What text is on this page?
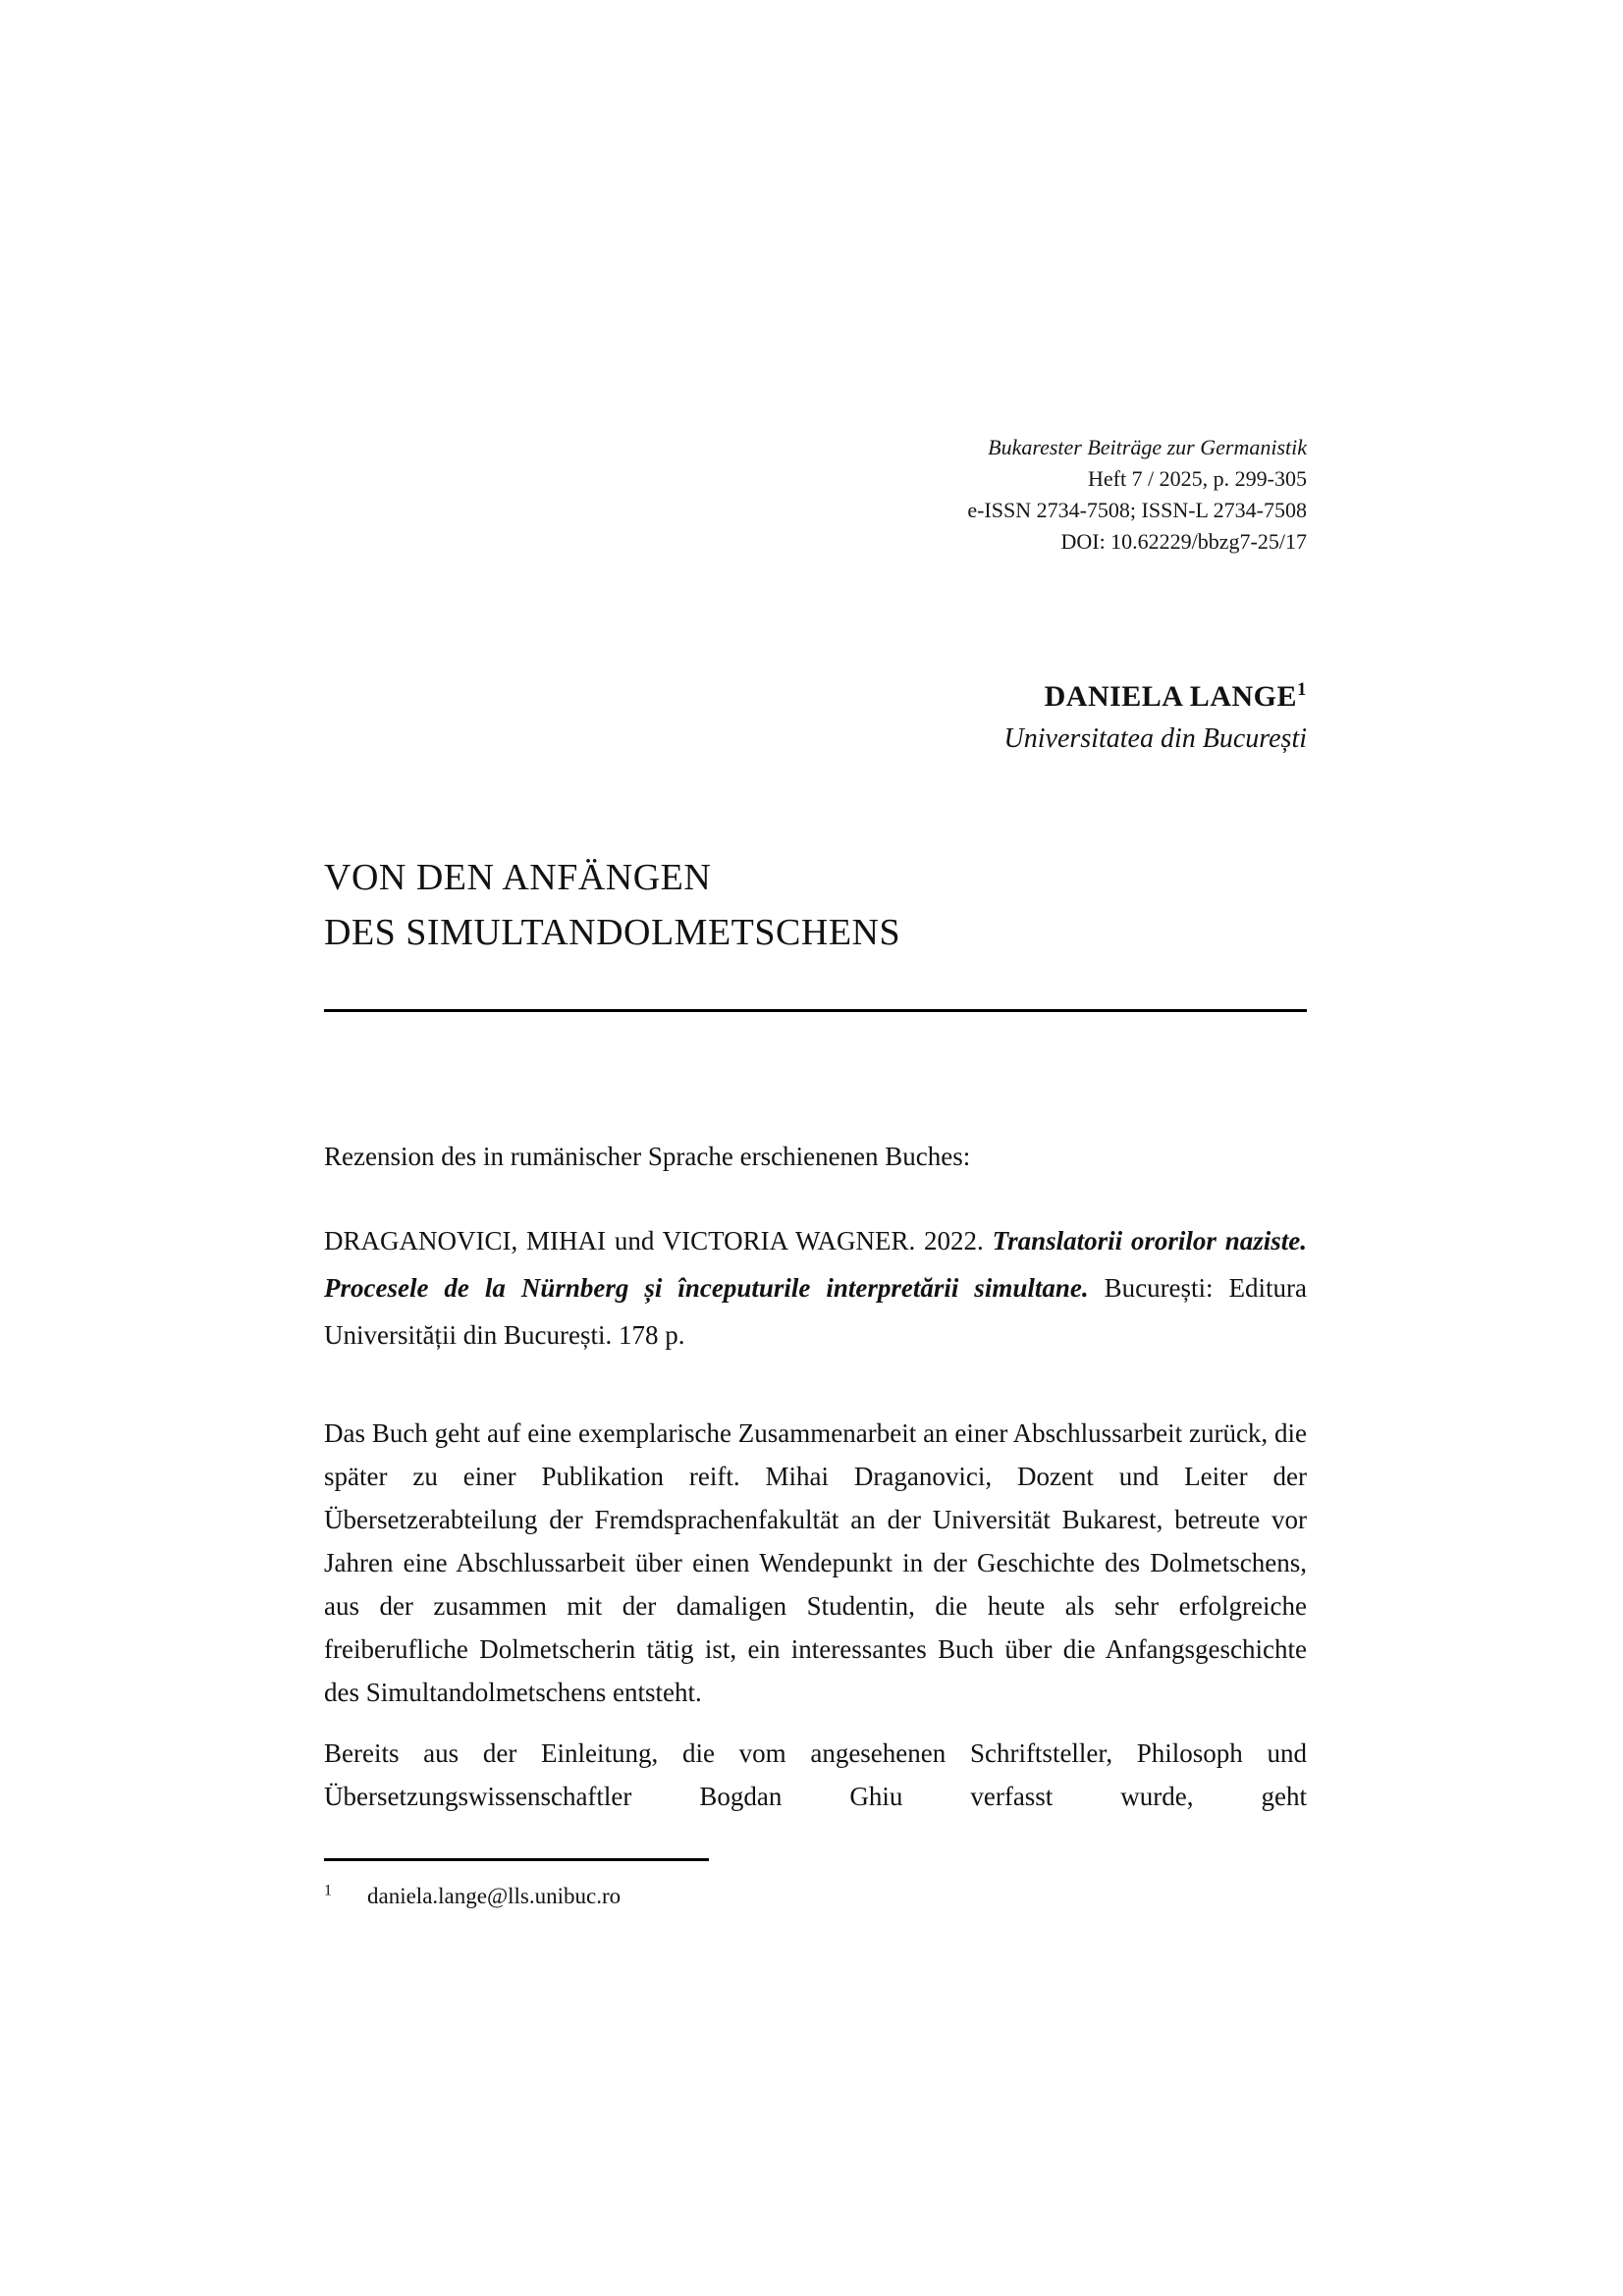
Bukarester Beiträge zur Germanistik
Heft 7 / 2025, p. 299-305
e-ISSN 2734-7508; ISSN-L 2734-7508
DOI: 10.62229/bbzg7-25/17
DANIELA LANGE$^1$
Universitatea din București
VON DEN ANFÄNGEN
DES SIMULTANDOLMETSCHENS
Rezension des in rumänischer Sprache erschienenen Buches:
DRAGANOVICI, MIHAI und VICTORIA WAGNER. 2022. Translatorii ororilor naziste. Procesele de la Nürnberg și începuturile interpretării simultane. București: Editura Universității din București. 178 p.

Das Buch geht auf eine exemplarische Zusammenarbeit an einer Abschlussarbeit zurück, die später zu einer Publikation reift. Mihai Draganovici, Dozent und Leiter der Übersetzerabteilung der Fremdsprachenfakultät an der Universität Bukarest, betreute vor Jahren eine Abschlussarbeit über einen Wendepunkt in der Geschichte des Dolmetschens, aus der zusammen mit der damaligen Studentin, die heute als sehr erfolgreiche freiberufliche Dolmetscherin tätig ist, ein interessantes Buch über die Anfangsgeschichte des Simultandolmetschens entsteht.

Bereits aus der Einleitung, die vom angesehenen Schriftsteller, Philosoph und Übersetzungswissenschaftler Bogdan Ghiu verfasst wurde, geht

$^1$ daniela.lange@lls.unibuc.ro
